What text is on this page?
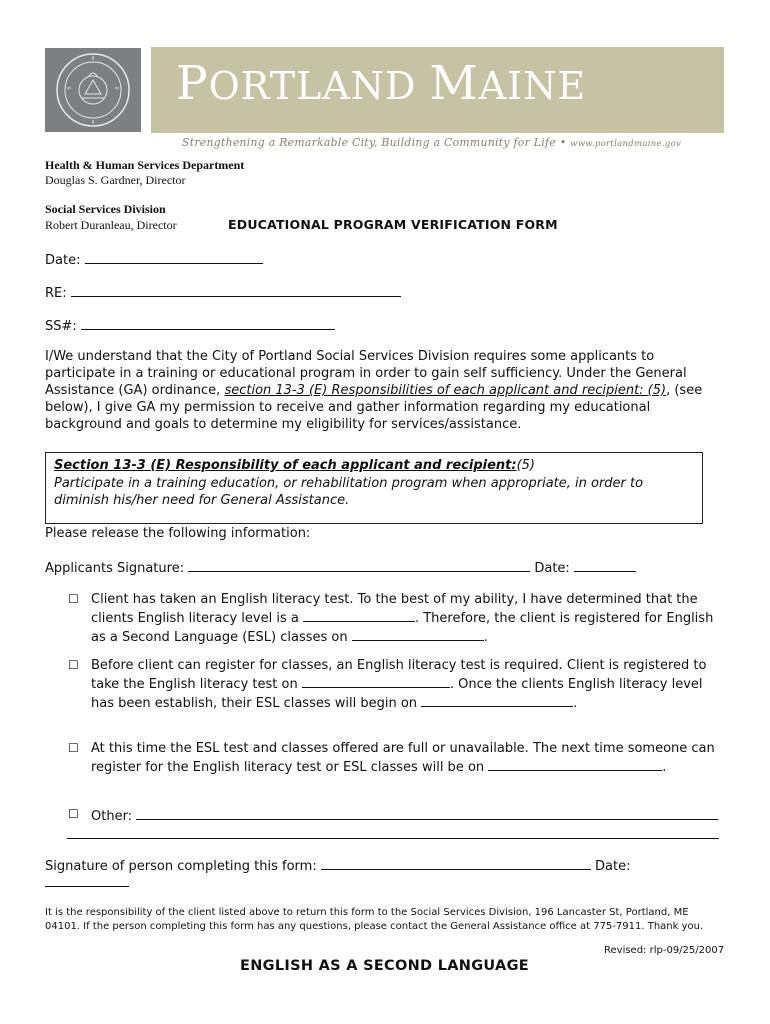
PORTLAND MAINE
Strengthening a Remarkable City, Building a Community for Life • www.portlandmaine.gov
Health & Human Services Department
Douglas S. Gardner, Director
Social Services Division
Robert Duranleau, Director	EDUCATIONAL PROGRAM VERIFICATION FORM
Date:
RE:
SS#:
I/We understand that the City of Portland Social Services Division requires some applicants to participate in a training or educational program in order to gain self sufficiency. Under the General Assistance (GA) ordinance, section 13-3 (E) Responsibilities of each applicant and recipient: (5), (see below), I give GA my permission to receive and gather information regarding my educational background and goals to determine my eligibility for services/assistance.
Section 13-3 (E) Responsibility of each applicant and recipient:(5)
Participate in a training education, or rehabilitation program when appropriate, in order to diminish his/her need for General Assistance.
Please release the following information:
Applicants Signature:	Date:
☐ Client has taken an English literacy test. To the best of my ability, I have determined that the clients English literacy level is a	. Therefore, the client is registered for English as a Second Language (ESL) classes on	.
☐ Before client can register for classes, an English literacy test is required. Client is registered to take the English literacy test on	. Once the clients English literacy level has been establish, their ESL classes will begin on	.
☐ At this time the ESL test and classes offered are full or unavailable. The next time someone can register for the English literacy test or ESL classes will be on	.
☐ Other:
Signature of person completing this form:	Date:
It is the responsibility of the client listed above to return this form to the Social Services Division, 196 Lancaster St, Portland, ME 04101. If the person completing this form has any questions, please contact the General Assistance office at 775-7911. Thank you.
Revised: rlp-09/25/2007
ENGLISH AS A SECOND LANGUAGE
